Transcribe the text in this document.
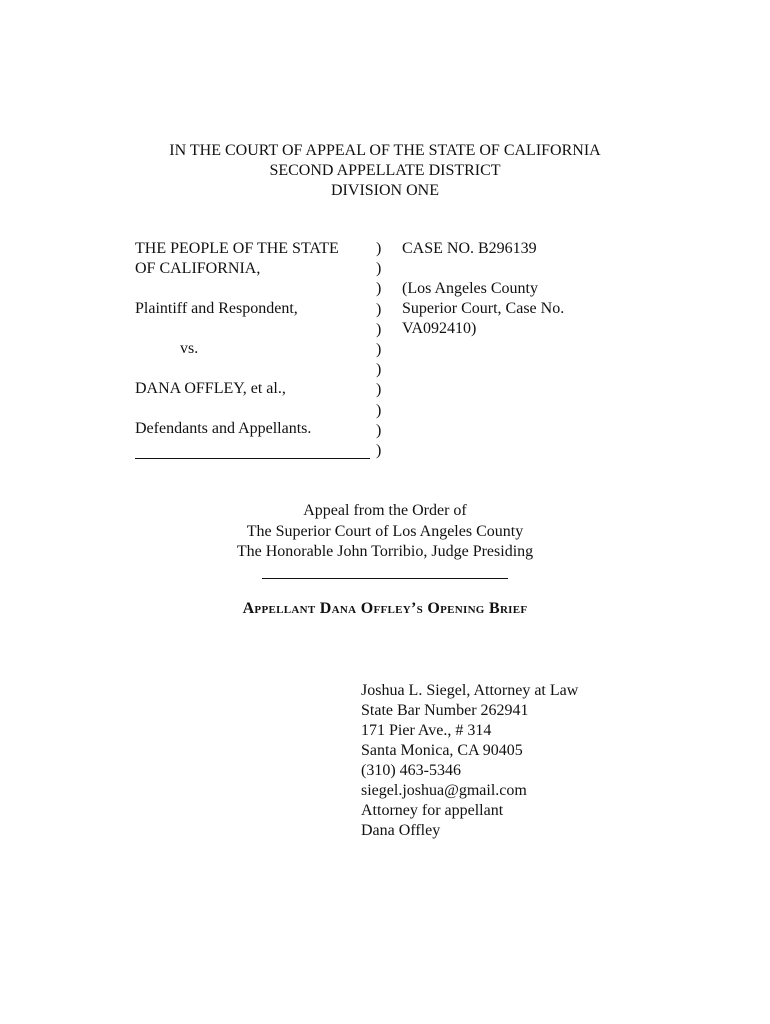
IN THE COURT OF APPEAL OF THE STATE OF CALIFORNIA
SECOND APPELLATE DISTRICT
DIVISION ONE
THE PEOPLE OF THE STATE
OF CALIFORNIA,
Plaintiff and Respondent,
vs.
DANA OFFLEY, et al.,
Defendants and Appellants.
)
)
)
)
)
)
)
)
)
)
)
CASE NO. B296139
(Los Angeles County
Superior Court, Case No.
VA092410)
Appeal from the Order of
The Superior Court of Los Angeles County
The Honorable John Torribio, Judge Presiding
Appellant Dana Offley’s Opening Brief
Joshua L. Siegel, Attorney at Law
State Bar Number 262941
171 Pier Ave., # 314
Santa Monica, CA 90405
(310) 463-5346
siegel.joshua@gmail.com
Attorney for appellant
Dana Offley
